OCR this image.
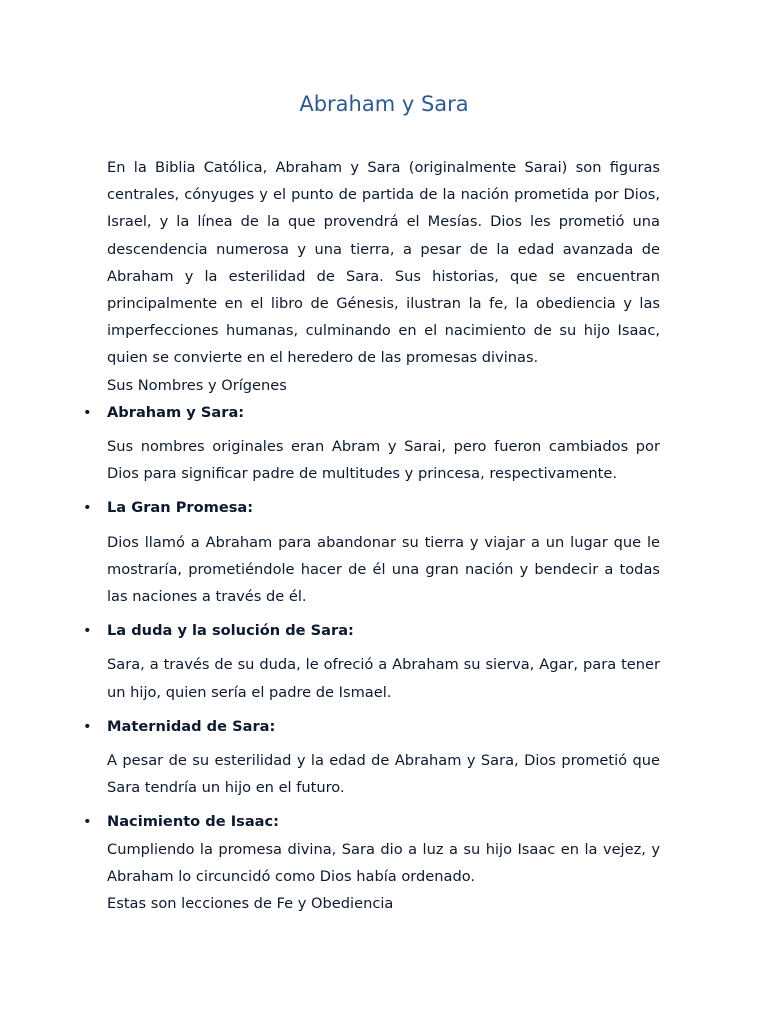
Abraham y Sara

En la Biblia Católica, Abraham y Sara (originalmente Sarai) son figuras centrales, cónyuges y el punto de partida de la nación prometida por Dios, Israel, y la línea de la que provendrá el Mesías. Dios les prometió una descendencia numerosa y una tierra, a pesar de la edad avanzada de Abraham y la esterilidad de Sara. Sus historias, que se encuentran principalmente en el libro de Génesis, ilustran la fe, la obediencia y las imperfecciones humanas, culminando en el nacimiento de su hijo Isaac, quien se convierte en el heredero de las promesas divinas.

Sus Nombres y Orígenes

• Abraham y Sara:

Sus nombres originales eran Abram y Sarai, pero fueron cambiados por Dios para significar padre de multitudes y princesa, respectivamente.

• La Gran Promesa:

Dios llamó a Abraham para abandonar su tierra y viajar a un lugar que le mostraría, prometiéndole hacer de él una gran nación y bendecir a todas las naciones a través de él.

• La duda y la solución de Sara:

Sara, a través de su duda, le ofreció a Abraham su sierva, Agar, para tener un hijo, quien sería el padre de Ismael.

• Maternidad de Sara:

A pesar de su esterilidad y la edad de Abraham y Sara, Dios prometió que Sara tendría un hijo en el futuro.

• Nacimiento de Isaac:

Cumpliendo la promesa divina, Sara dio a luz a su hijo Isaac en la vejez, y Abraham lo circuncidó como Dios había ordenado.

Estas son lecciones de Fe y Obediencia
